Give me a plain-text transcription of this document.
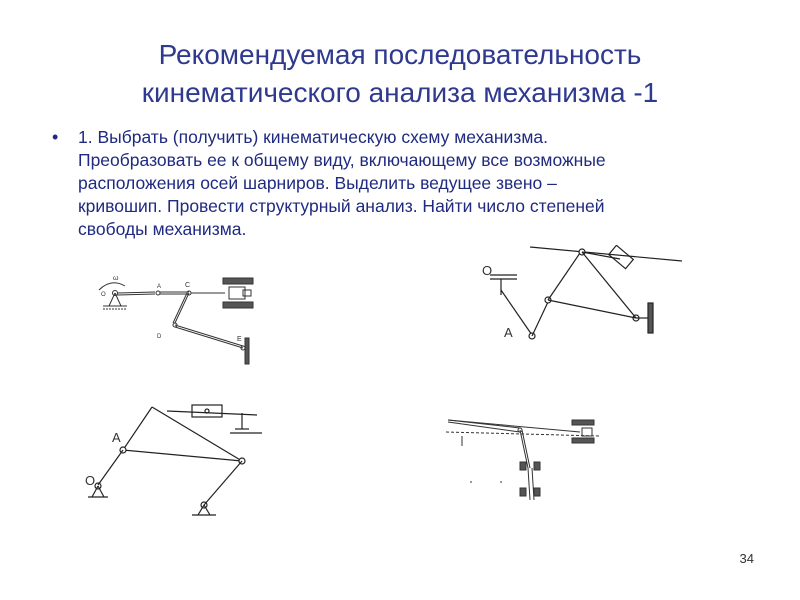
Рекомендуемая последовательность
кинематического анализа механизма -1
• 1. Выбрать (получить) кинематическую схему механизма.
Преобразовать ее к общему виду, включающему все возможные
расположения осей шарниров. Выделить ведущее звено –
кривошип. Провести структурный анализ. Найти число степеней
свободы механизма.
ω
O
A	C
D	E
O
A
A
O
34
